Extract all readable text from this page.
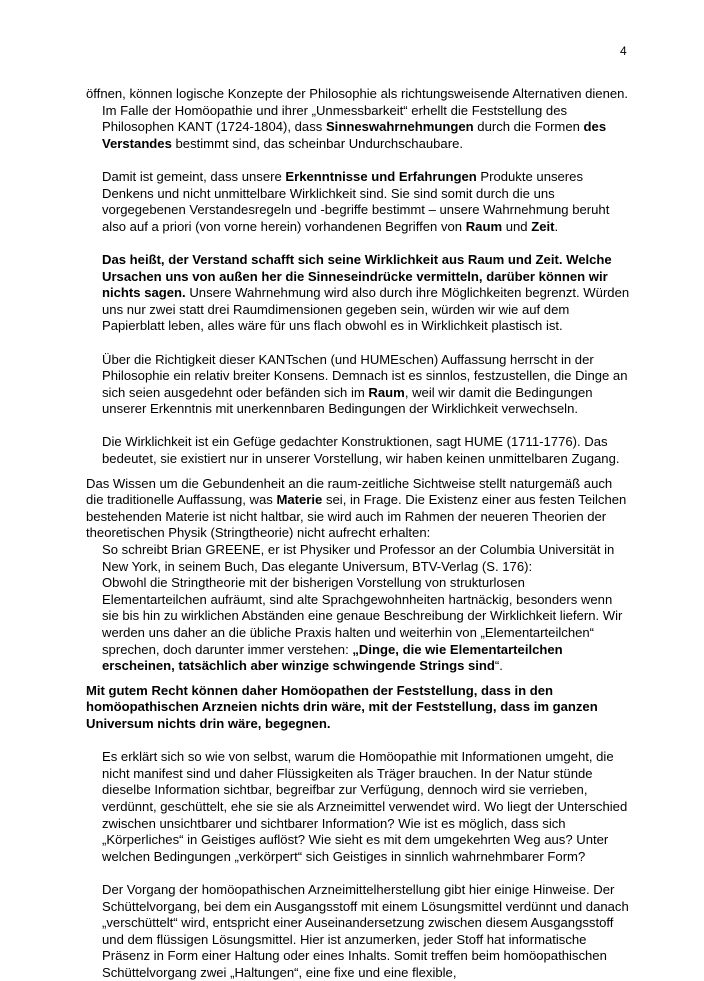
4

öffnen, können logische Konzepte der Philosophie als richtungsweisende Alternativen dienen.

Im Falle der Homöopathie und ihrer „Unmessbarkeit“ erhellt die Feststellung des Philosophen KANT (1724-1804), dass Sinneswahrnehmungen durch die Formen des Verstandes bestimmt sind, das scheinbar Undurchschaubare.

Damit ist gemeint, dass unsere Erkenntnisse und Erfahrungen Produkte unseres Denkens und nicht unmittelbare Wirklichkeit sind. Sie sind somit durch die uns vorgegebenen Verstandesregeln und -begriffe bestimmt – unsere Wahrnehmung beruht also auf a priori (von vorne herein) vorhandenen Begriffen von Raum und Zeit.

Das heißt, der Verstand schafft sich seine Wirklichkeit aus Raum und Zeit. Welche Ursachen uns von außen her die Sinneseindrücke vermitteln, darüber können wir nichts sagen. Unsere Wahrnehmung wird also durch ihre Möglichkeiten begrenzt. Würden uns nur zwei statt drei Raumdimensionen gegeben sein, würden wir wie auf dem Papierblatt leben, alles wäre für uns flach obwohl es in Wirklichkeit plastisch ist.

Über die Richtigkeit dieser KANTschen (und HUMEschen) Auffassung herrscht in der Philosophie ein relativ breiter Konsens. Demnach ist es sinnlos, festzustellen, die Dinge an sich seien ausgedehnt oder befänden sich im Raum, weil wir damit die Bedingungen unserer Erkenntnis mit unerkennbaren Bedingungen der Wirklichkeit verwechseln.

Die Wirklichkeit ist ein Gefüge gedachter Konstruktionen, sagt HUME (1711-1776). Das bedeutet, sie existiert nur in unserer Vorstellung, wir haben keinen unmittelbaren Zugang.

Das Wissen um die Gebundenheit an die raum-zeitliche Sichtweise stellt naturgemäß auch die traditionelle Auffassung, was Materie sei, in Frage. Die Existenz einer aus festen Teilchen bestehenden Materie ist nicht haltbar, sie wird auch im Rahmen der neueren Theorien der theoretischen Physik (Stringtheorie) nicht aufrecht erhalten:

So schreibt Brian GREENE, er ist Physiker und Professor an der Columbia Universität in New York, in seinem Buch, Das elegante Universum, BTV-Verlag (S. 176):

Obwohl die Stringtheorie mit der bisherigen Vorstellung von strukturlosen Elementarteilchen aufräumt, sind alte Sprachgewohnheiten hartnäckig, besonders wenn sie bis hin zu wirklichen Abständen eine genaue Beschreibung der Wirklichkeit liefern. Wir werden uns daher an die übliche Praxis halten und weiterhin von „Elementarteilchen“ sprechen, doch darunter immer verstehen: „Dinge, die wie Elementarteilchen erscheinen, tatsächlich aber winzige schwingende Strings sind“.

Mit gutem Recht können daher Homöopathen der Feststellung, dass in den homöopathischen Arzneien nichts drin wäre, mit der Feststellung, dass im ganzen Universum nichts drin wäre, begegnen.

Es erklärt sich so wie von selbst, warum die Homöopathie mit Informationen umgeht, die nicht manifest sind und daher Flüssigkeiten als Träger brauchen. In der Natur stünde dieselbe Information sichtbar, begreifbar zur Verfügung, dennoch wird sie verrieben, verdünnt, geschüttelt, ehe sie sie als Arzneimittel verwendet wird. Wo liegt der Unterschied zwischen unsichtbarer und sichtbarer Information? Wie ist es möglich, dass sich „Körperliches“ in Geistiges auflöst? Wie sieht es mit dem umgekehrten Weg aus? Unter welchen Bedingungen „verkörpert“ sich Geistiges in sinnlich wahrnehmbarer Form?

Der Vorgang der homöopathischen Arzneimittelherstellung gibt hier einige Hinweise. Der Schüttelvorgang, bei dem ein Ausgangsstoff mit einem Lösungsmittel verdünnt und danach „verschüttelt“ wird, entspricht einer Auseinandersetzung zwischen diesem Ausgangsstoff und dem flüssigen Lösungsmittel. Hier ist anzumerken, jeder Stoff hat informatische Präsenz in Form einer Haltung oder eines Inhalts. Somit treffen beim homöopathischen Schüttelvorgang zwei „Haltungen“, eine fixe und eine flexible,
